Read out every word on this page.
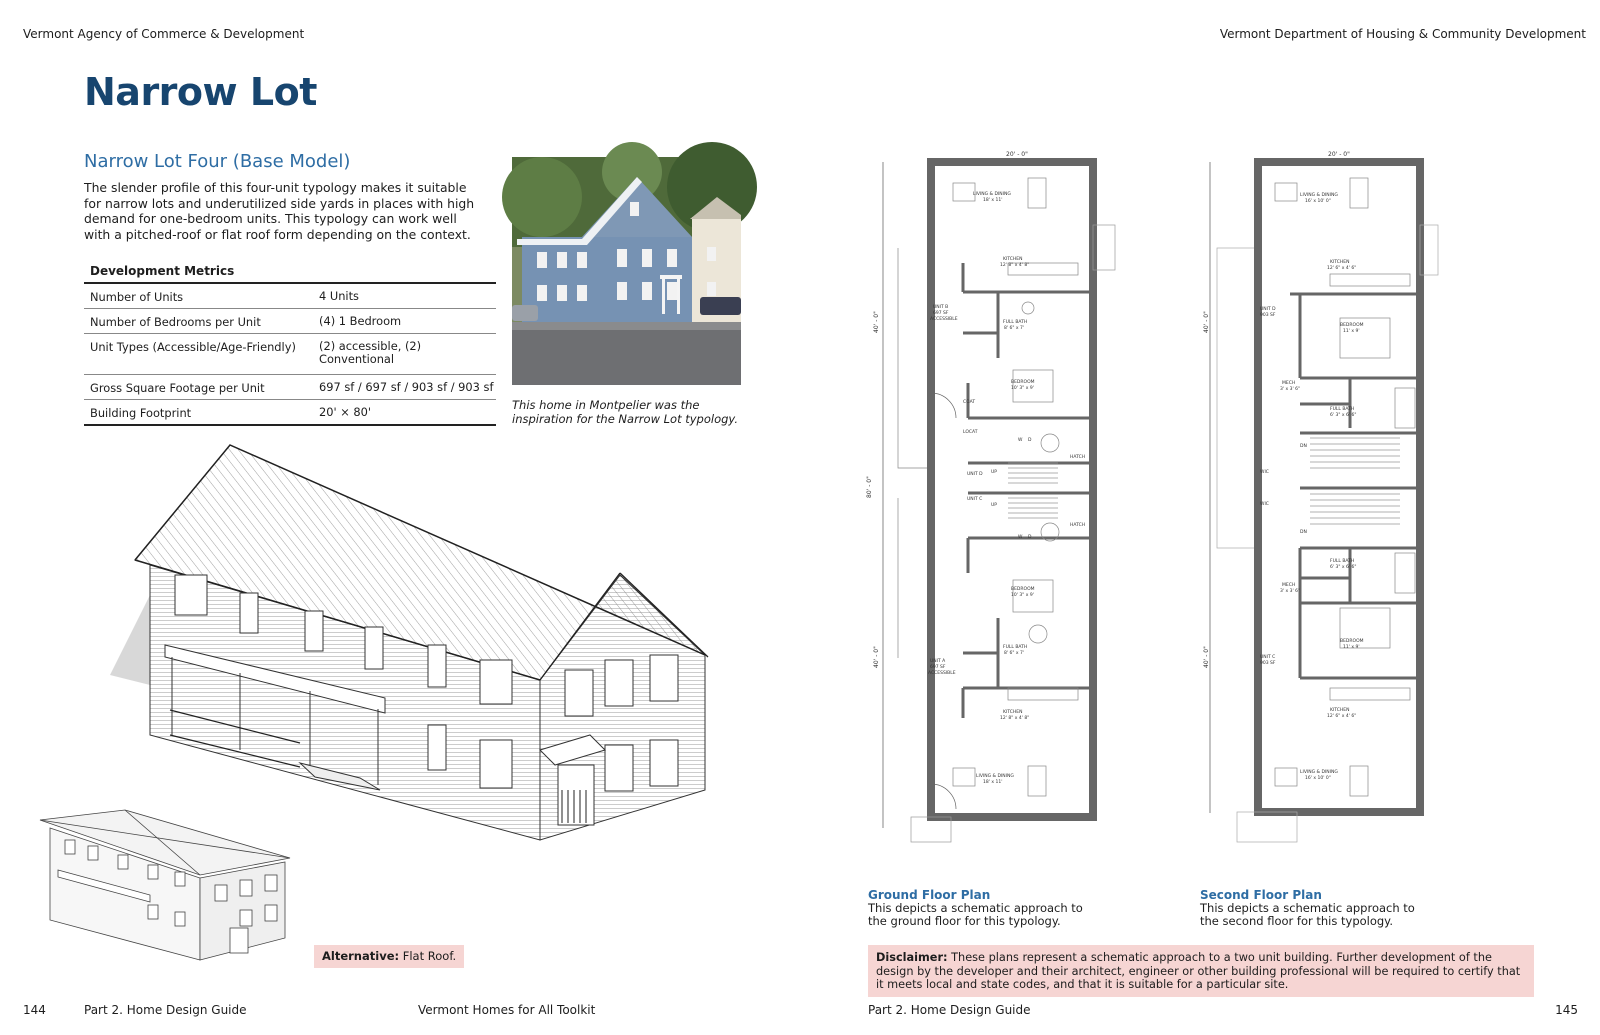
Vermont Agency of Commerce & Development	Vermont Department of Housing & Community Development
Narrow Lot
Narrow Lot Four (Base Model)
The slender profile of this four-unit typology makes it suitable for narrow lots and underutilized side yards in places with high demand for one-bedroom units. This typology can work well with a pitched-roof or flat roof form depending on the context.
Development Metrics
Number of Units	4 Units
Number of Bedrooms per Unit	(4) 1 Bedroom
Unit Types (Accessible/Age-Friendly)	(2) accessible, (2) Conventional
Gross Square Footage per Unit	697 sf / 697 sf / 903 sf / 903 sf
Building Footprint	20' × 80'	This home in Montpelier was the inspiration for the Narrow Lot typology.
Alternative: Flat Roof.
20' - 0"
40' - 0"
80' - 0"
40' - 0"
LIVING & DINING
18' x 11'
KITCHEN
12' 8" x 4' 8"
UNIT B
697 SF
ACCESSIBLE
FULL BATH
8' 6" x 7'
BEDROOM
10' 3" x 9'
COAT
LOCAT
UNIT D
UNIT C
FULL BATH
8' 6" x 7'
BEDROOM
10' 3" x 9'
UNIT A
697 SF
ACCESSIBLE
KITCHEN
12' 8" x 4' 8"
LIVING & DINING
18' x 11'
HATCH
HATCH
W D
W D
UP
UP
Ground Floor Plan
This depicts a schematic approach to the ground floor for this typology.
20' - 0"
40' - 0"
40' - 0"
LIVING & DINING
16' x 10' 0"
KITCHEN
12' 6" x 4' 6"
UNIT D
903 SF
BEDROOM
11' x 9'
MECH
3' x 3' 6"
FULL BATH
6' 3" x 6' 6"
DN
WIC
WIC
DN
FULL BATH
6' 3" x 6' 6"
MECH
3' x 3' 6"
BEDROOM
11' x 9'
UNIT C
903 SF
KITCHEN
12' 6" x 4' 6"
LIVING & DINING
16' x 10' 0"
Second Floor Plan
This depicts a schematic approach to the second floor for this typology.
Disclaimer: These plans represent a schematic approach to a two unit building. Further development of the design by the developer and their architect, engineer or other building professional will be required to certify that it meets local and state codes, and that it is suitable for a particular site.
144	Part 2. Home Design Guide	Vermont Homes for All Toolkit	Part 2. Home Design Guide	145
